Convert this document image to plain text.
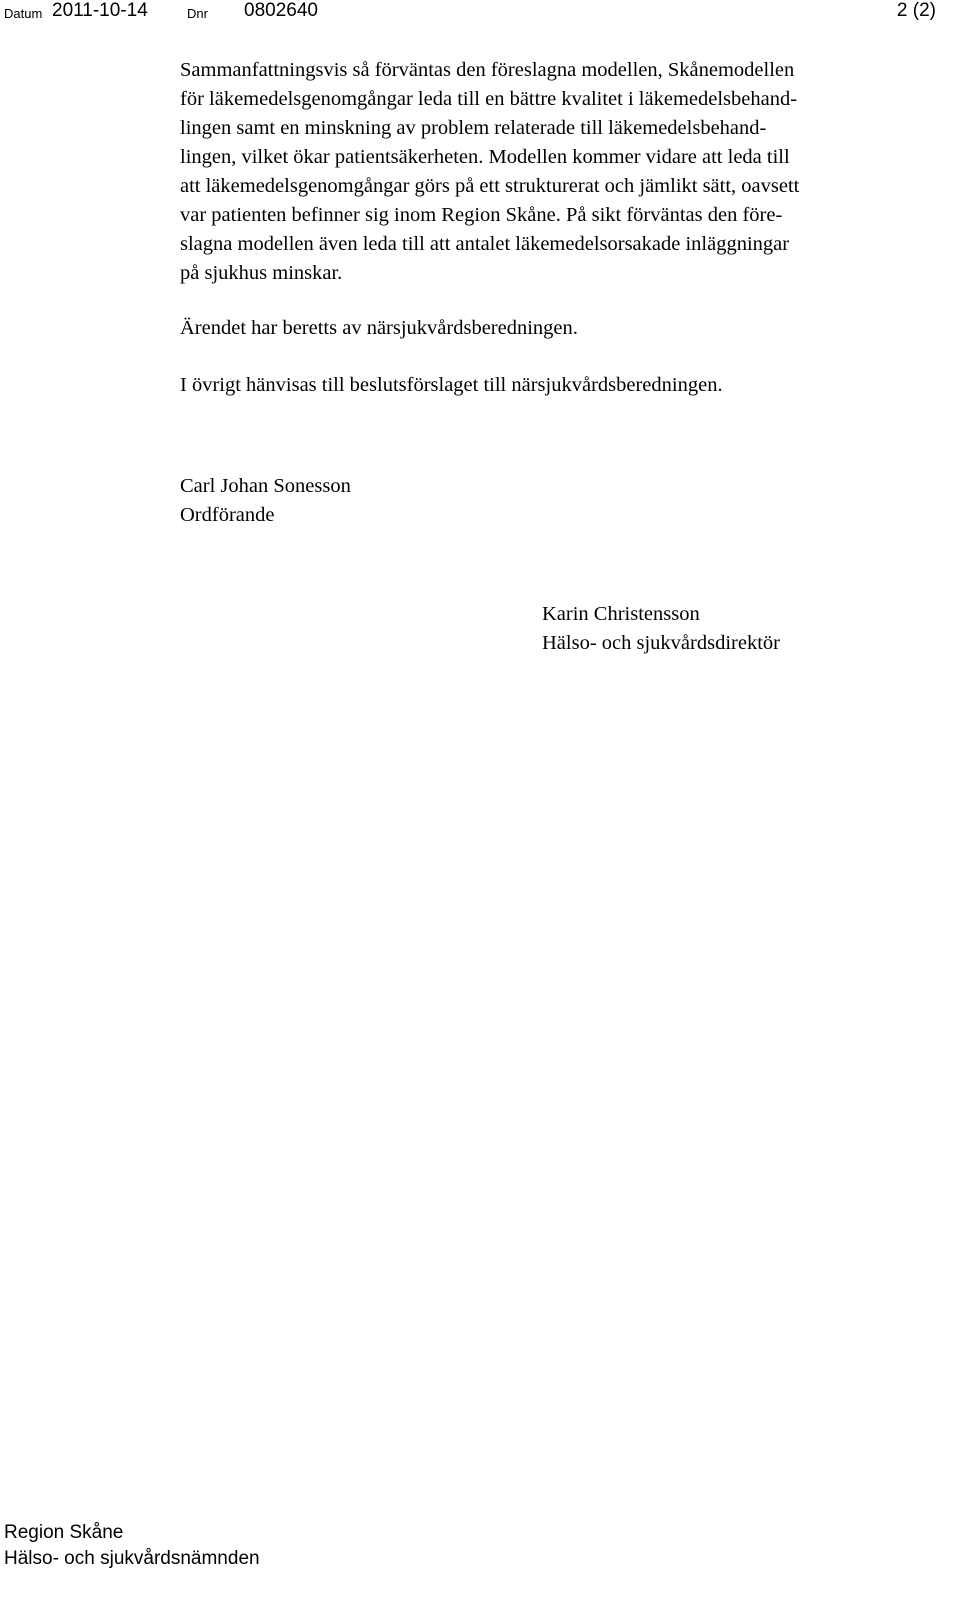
Datum 2011-10-14	Dnr 0802640	2 (2)
Sammanfattningsvis så förväntas den föreslagna modellen, Skånemodellen
för läkemedelsgenomgångar leda till en bättre kvalitet i läkemedelsbehand-
lingen samt en minskning av problem relaterade till läkemedelsbehand-
lingen, vilket ökar patientsäkerheten. Modellen kommer vidare att leda till
att läkemedelsgenomgångar görs på ett strukturerat och jämlikt sätt, oavsett
var patienten befinner sig inom Region Skåne. På sikt förväntas den före-
slagna modellen även leda till att antalet läkemedelsorsakade inläggningar
på sjukhus minskar.
Ärendet har beretts av närsjukvårdsberedningen.
I övrigt hänvisas till beslutsförslaget till närsjukvårdsberedningen.
Carl Johan Sonesson
Ordförande
Karin Christensson
Hälso- och sjukvårdsdirektör
Region Skåne
Hälso- och sjukvårdsnämnden
